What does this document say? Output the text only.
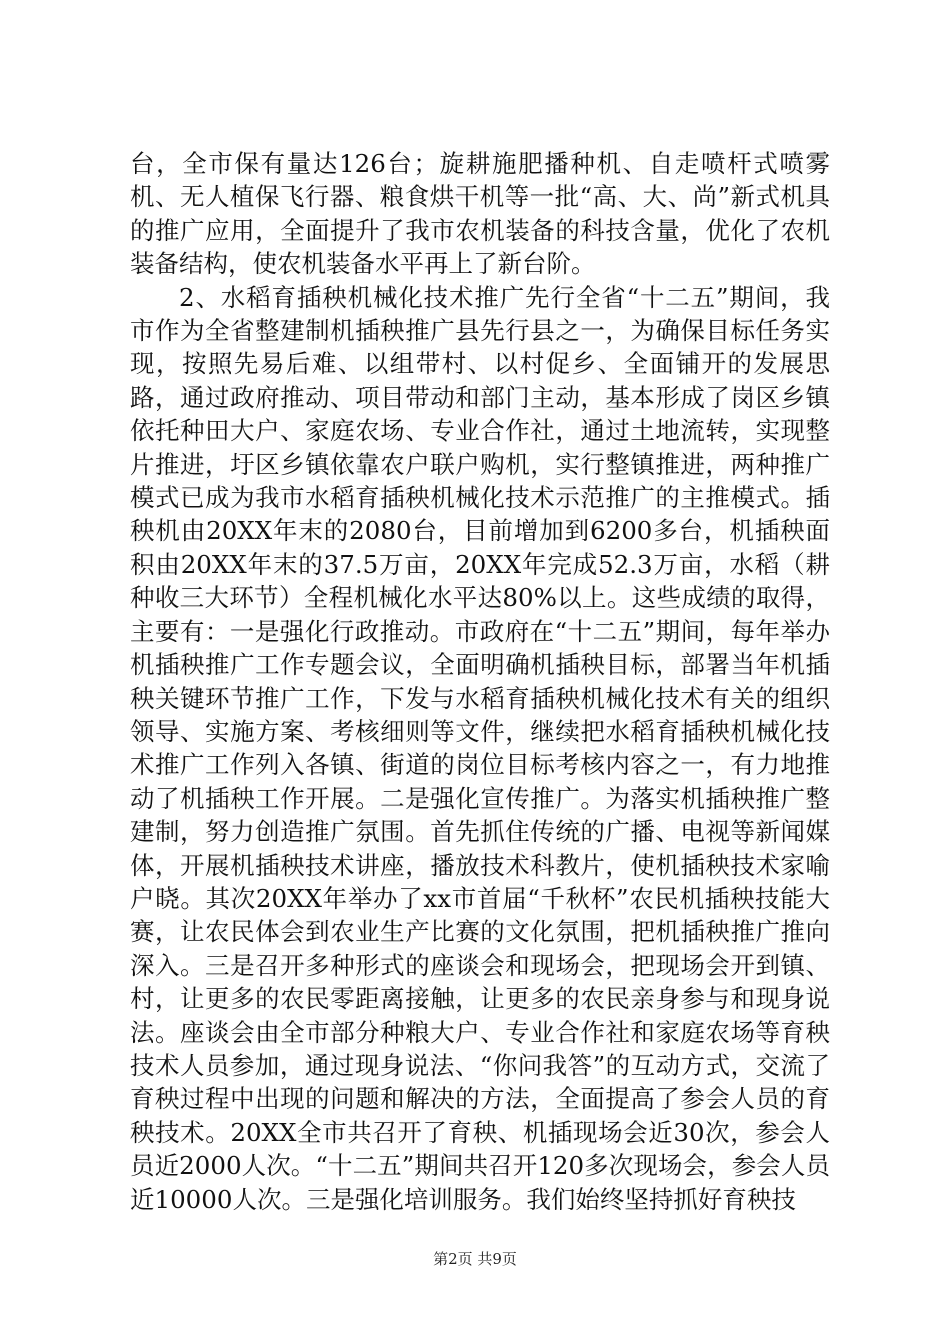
台，全市保有量达126台；旋耕施肥播种机、自走喷杆式喷雾机、无人植保飞行器、粮食烘干机等一批“高、大、尚”新式机具的推广应用，全面提升了我市农机装备的科技含量，优化了农机装备结构，使农机装备水平再上了新台阶。

2、水稻育插秧机械化技术推广先行全省“十二五”期间，我市作为全省整建制机插秧推广县先行县之一，为确保目标任务实现，按照先易后难、以组带村、以村促乡、全面铺开的发展思路，通过政府推动、项目带动和部门主动，基本形成了岗区乡镇依托种田大户、家庭农场、专业合作社，通过土地流转，实现整片推进，圩区乡镇依靠农户联户购机，实行整镇推进，两种推广模式已成为我市水稻育插秧机械化技术示范推广的主推模式。插秧机由20XX年末的2080台，目前增加到6200多台，机插秧面积由20XX年末的37.5万亩，20XX年完成52.3万亩，水稻（耕种收三大环节）全程机械化水平达80%以上。这些成绩的取得，主要有：一是强化行政推动。市政府在“十二五”期间，每年举办机插秧推广工作专题会议，全面明确机插秧目标，部署当年机插秧关键环节推广工作，下发与水稻育插秧机械化技术有关的组织领导、实施方案、考核细则等文件，继续把水稻育插秧机械化技术推广工作列入各镇、街道的岗位目标考核内容之一，有力地推动了机插秧工作开展。二是强化宣传推广。为落实机插秧推广整建制，努力创造推广氛围。首先抓住传统的广播、电视等新闻媒体，开展机插秧技术讲座，播放技术科教片，使机插秧技术家喻户晓。其次20XX年举办了xx市首届“千秋杯”农民机插秧技能大赛，让农民体会到农业生产比赛的文化氛围，把机插秧推广推向深入。三是召开多种形式的座谈会和现场会，把现场会开到镇、村，让更多的农民零距离接触，让更多的农民亲身参与和现身说法。座谈会由全市部分种粮大户、专业合作社和家庭农场等育秧技术人员参加，通过现身说法、“你问我答”的互动方式，交流了育秧过程中出现的问题和解决的方法，全面提高了参会人员的育秧技术。20XX全市共召开了育秧、机插现场会近30次，参会人员近2000人次。“十二五”期间共召开120多次现场会，参会人员近10000人次。三是强化培训服务。我们始终坚持抓好育秧技

第2页 共9页
